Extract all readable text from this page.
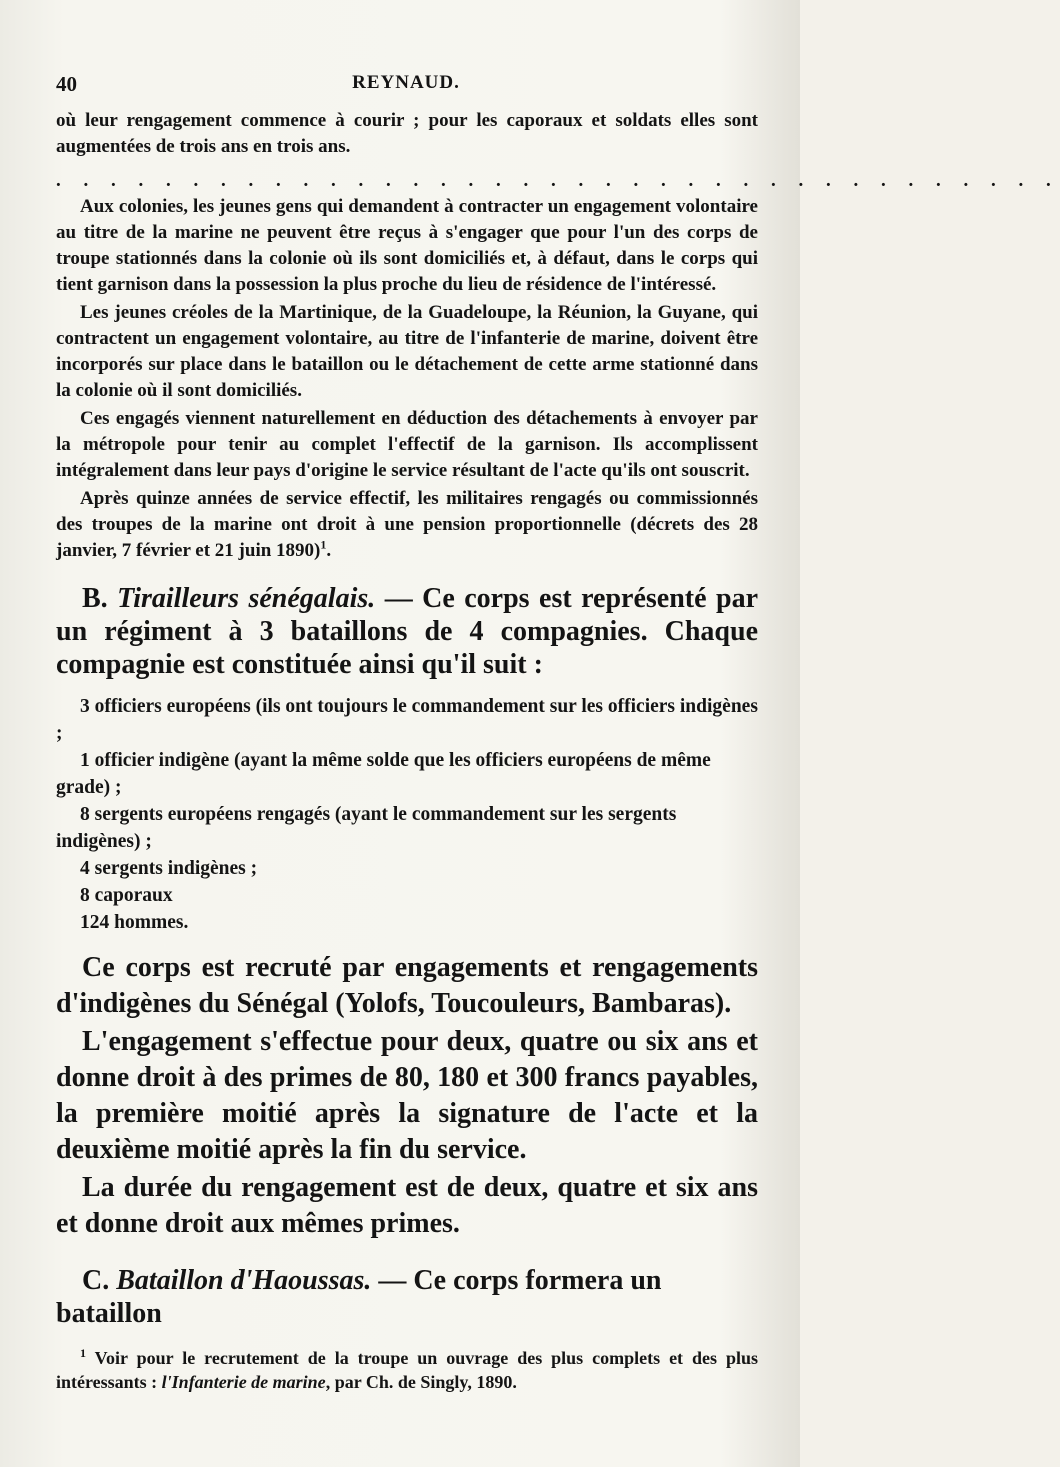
40	REYNAUD.

où leur rengagement commence à courir ; pour les caporaux et soldats elles sont augmentées de trois ans en trois ans.

. . . . . . . . . . . . . . . . . . . . . . . . . . . . . . . . . . . . .

Aux colonies, les jeunes gens qui demandent à contracter un engagement volontaire au titre de la marine ne peuvent être reçus à s'engager que pour l'un des corps de troupe stationnés dans la colonie où ils sont domiciliés et, à défaut, dans le corps qui tient garnison dans la possession la plus proche du lieu de résidence de l'intéressé.

Les jeunes créoles de la Martinique, de la Guadeloupe, la Réunion, la Guyane, qui contractent un engagement volontaire, au titre de l'infanterie de marine, doivent être incorporés sur place dans le bataillon ou le détachement de cette arme stationné dans la colonie où il sont domiciliés.

Ces engagés viennent naturellement en déduction des détachements à envoyer par la métropole pour tenir au complet l'effectif de la garnison. Ils accomplissent intégralement dans leur pays d'origine le service résultant de l'acte qu'ils ont souscrit.

Après quinze années de service effectif, les militaires rengagés ou commissionnés des troupes de la marine ont droit à une pension proportionnelle (décrets des 28 janvier, 7 février et 21 juin 1890)$^1$.

B. Tirailleurs sénégalais. — Ce corps est représenté par un régiment à 3 bataillons de 4 compagnies. Chaque compagnie est constituée ainsi qu'il suit :

3 officiers européens (ils ont toujours le commandement sur les officiers indigènes ;

1 officier indigène (ayant la même solde que les officiers européens de même grade) ;

8 sergents européens rengagés (ayant le commandement sur les sergents indigènes) ;

4 sergents indigènes ;

8 caporaux

124 hommes.

Ce corps est recruté par engagements et rengagements d'indigènes du Sénégal (Yolofs, Toucouleurs, Bambaras).

L'engagement s'effectue pour deux, quatre ou six ans et donne droit à des primes de 80, 180 et 300 francs payables, la première moitié après la signature de l'acte et la deuxième moitié après la fin du service.

La durée du rengagement est de deux, quatre et six ans et donne droit aux mêmes primes.

C. Bataillon d'Haoussas. — Ce corps formera un bataillon

$^1$ Voir pour le recrutement de la troupe un ouvrage des plus complets et des plus intéressants : l'Infanterie de marine, par Ch. de Singly, 1890.
